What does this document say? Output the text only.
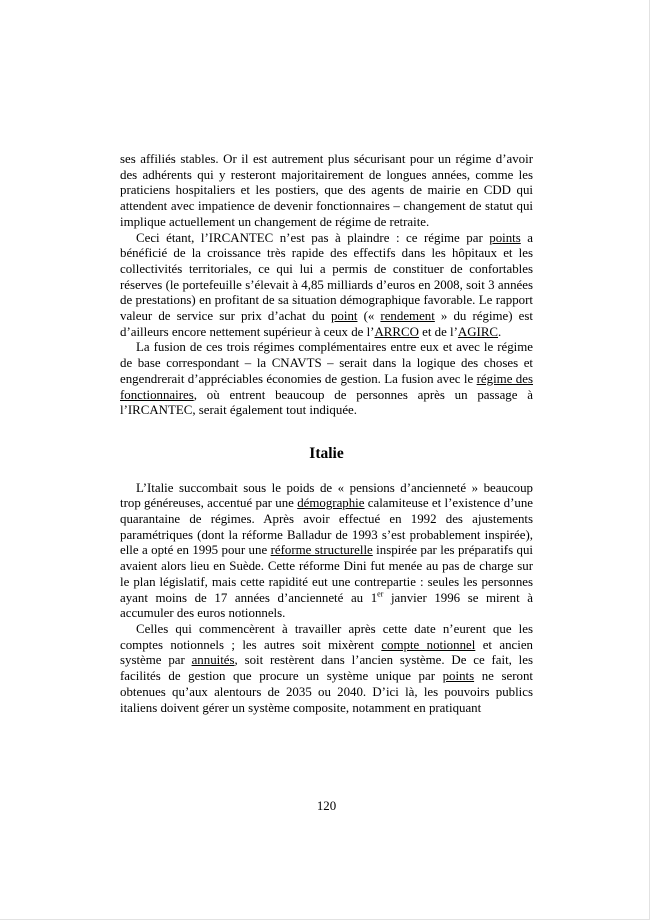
ses affiliés stables. Or il est autrement plus sécurisant pour un régime d’avoir des adhérents qui y resteront majoritairement de longues années, comme les praticiens hospitaliers et les postiers, que des agents de mairie en CDD qui attendent avec impatience de devenir fonctionnaires – changement de statut qui implique actuellement un changement de régime de retraite.

Ceci étant, l’IRCANTEC n’est pas à plaindre : ce régime par points a bénéficié de la croissance très rapide des effectifs dans les hôpitaux et les collectivités territoriales, ce qui lui a permis de constituer de confortables réserves (le portefeuille s’élevait à 4,85 milliards d’euros en 2008, soit 3 années de prestations) en profitant de sa situation démographique favorable. Le rapport valeur de service sur prix d’achat du point (« rendement » du régime) est d’ailleurs encore nettement supérieur à ceux de l’ARRCO et de l’AGIRC.

La fusion de ces trois régimes complémentaires entre eux et avec le régime de base correspondant – la CNAVTS – serait dans la logique des choses et engendrerait d’appréciables économies de gestion. La fusion avec le régime des fonctionnaires, où entrent beaucoup de personnes après un passage à l’IRCANTEC, serait également tout indiquée.

Italie

L’Italie succombait sous le poids de « pensions d’ancienneté » beaucoup trop généreuses, accentué par une démographie calamiteuse et l’existence d’une quarantaine de régimes. Après avoir effectué en 1992 des ajustements paramétriques (dont la réforme Balladur de 1993 s’est probablement inspirée), elle a opté en 1995 pour une réforme structurelle inspirée par les préparatifs qui avaient alors lieu en Suède. Cette réforme Dini fut menée au pas de charge sur le plan législatif, mais cette rapidité eut une contrepartie : seules les personnes ayant moins de 17 années d’ancienneté au 1er janvier 1996 se mirent à accumuler des euros notionnels.

Celles qui commencèrent à travailler après cette date n’eurent que les comptes notionnels ; les autres soit mixèrent compte notionnel et ancien système par annuités, soit restèrent dans l’ancien système. De ce fait, les facilités de gestion que procure un système unique par points ne seront obtenues qu’aux alentours de 2035 ou 2040. D’ici là, les pouvoirs publics italiens doivent gérer un système composite, notamment en pratiquant

120
